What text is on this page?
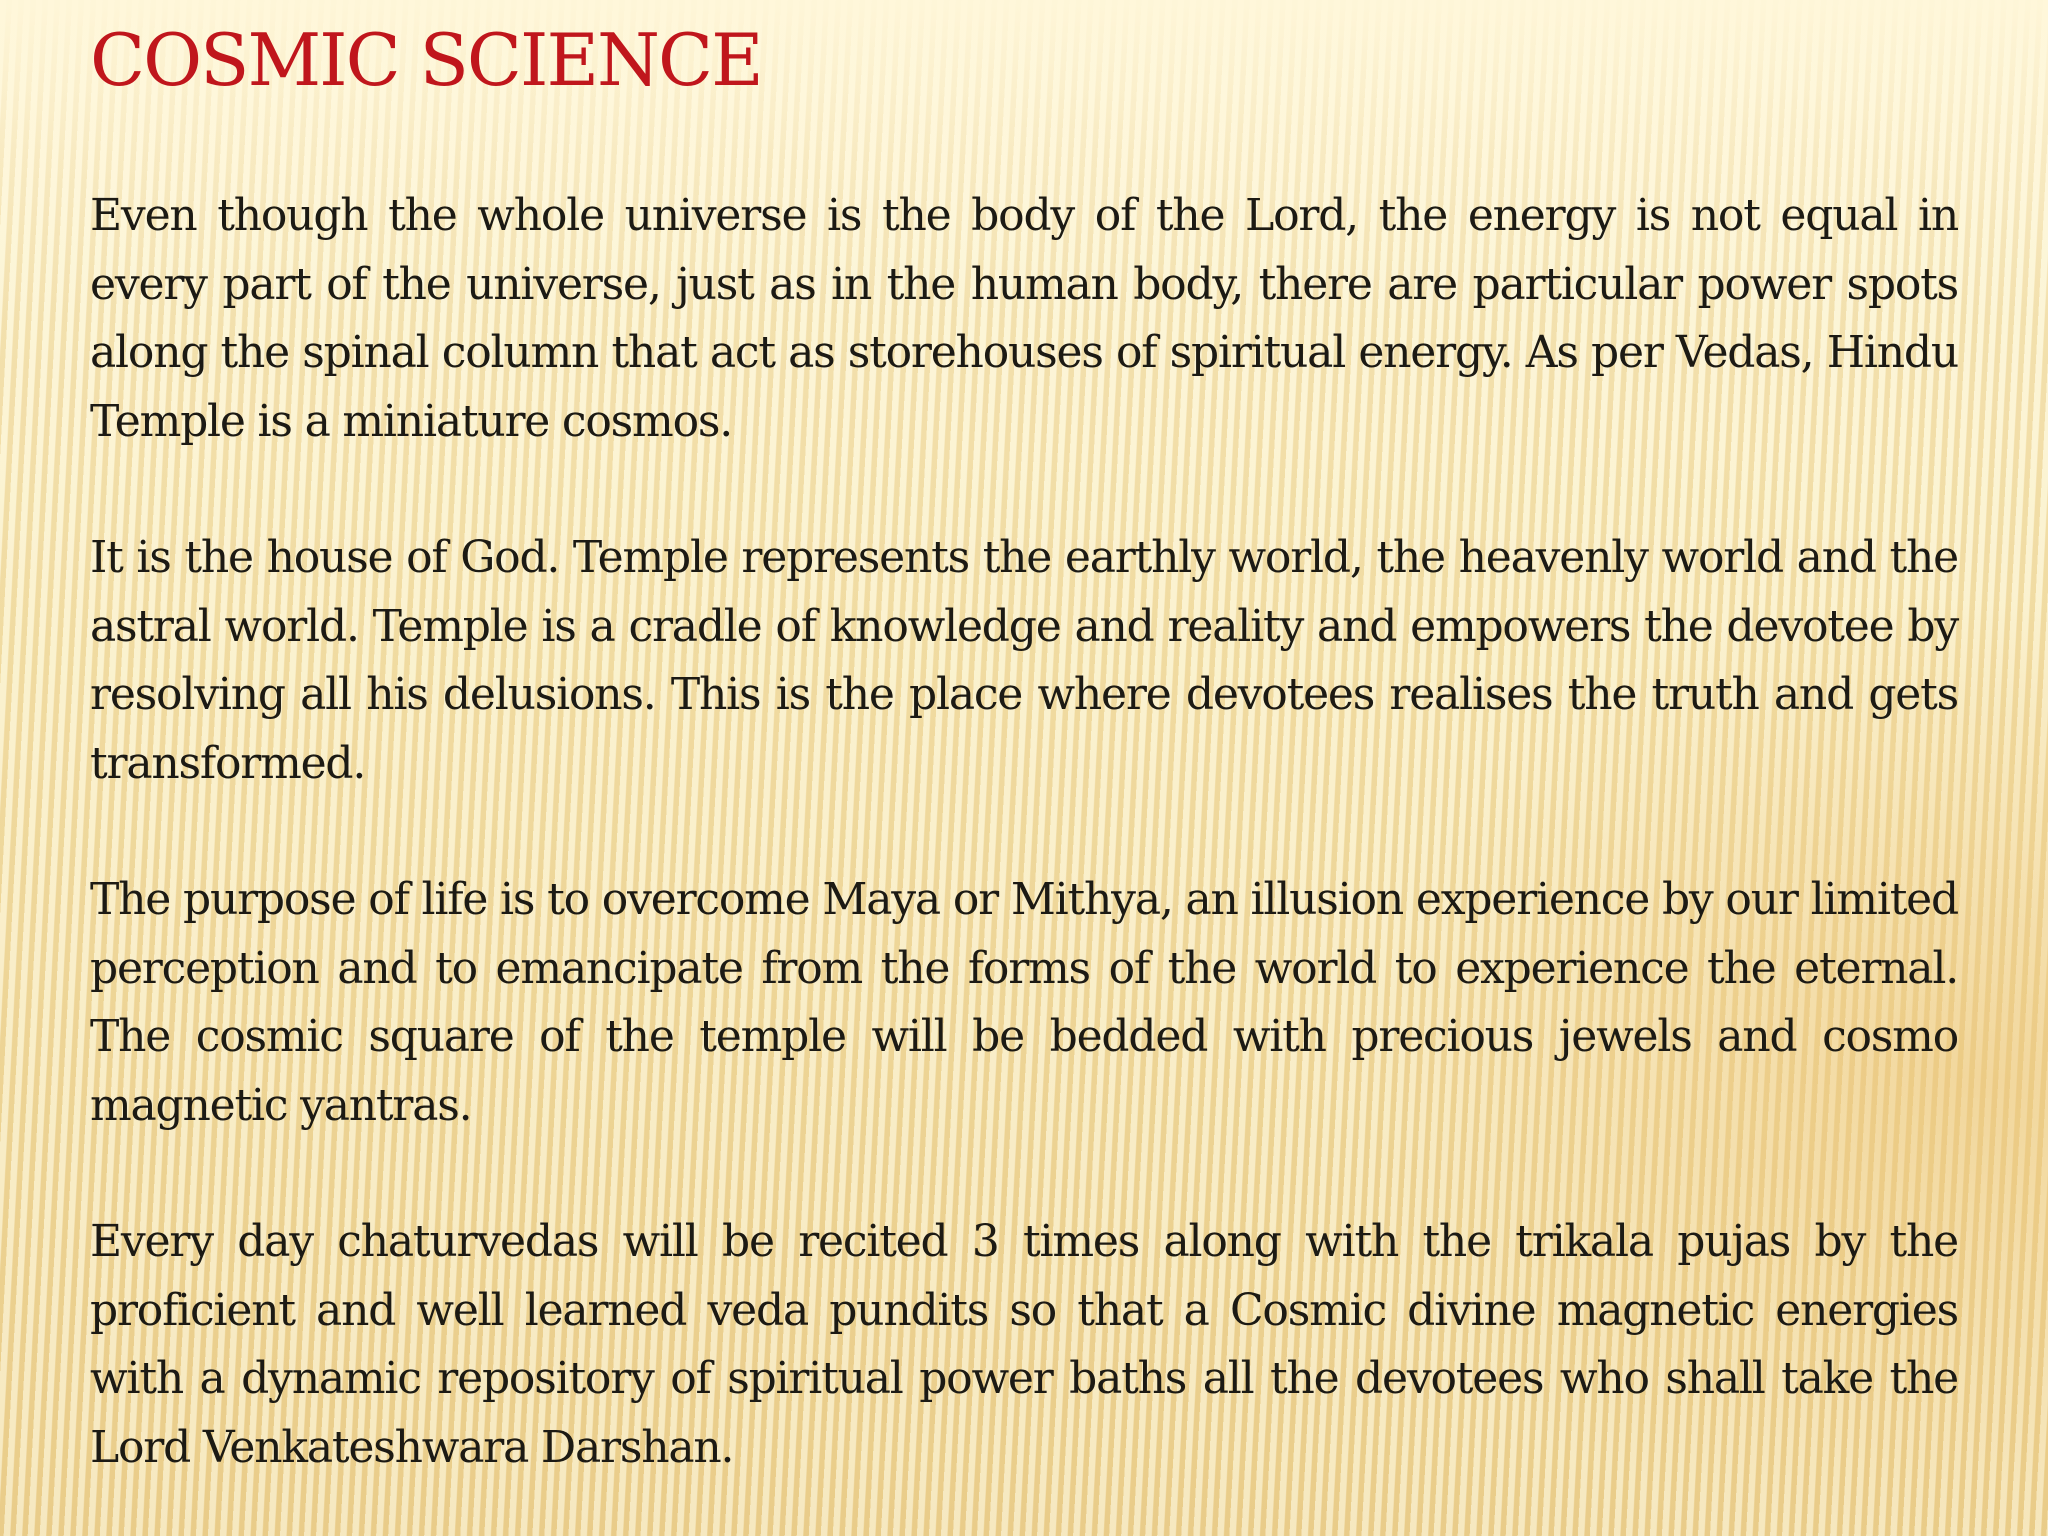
COSMIC SCIENCE

Even though the whole universe is the body of the Lord, the energy is not equal in every part of the universe, just as in the human body, there are particular power spots along the spinal column that act as storehouses of spiritual energy. As per Vedas, Hindu Temple is a miniature cosmos.

It is the house of God. Temple represents the earthly world, the heavenly world and the astral world. Temple is a cradle of knowledge and reality and empowers the devotee by resolving all his delusions. This is the place where devotees realises the truth and gets transformed.

The purpose of life is to overcome Maya or Mithya, an illusion experience by our limited perception and to emancipate from the forms of the world to experience the eternal. The cosmic square of the temple will be bedded with precious jewels and cosmo magnetic yantras.

Every day chaturvedas will be recited 3 times along with the trikala pujas by the proficient and well learned veda pundits so that a Cosmic divine magnetic energies with a dynamic repository of spiritual power baths all the devotees who shall take the Lord Venkateshwara Darshan.
